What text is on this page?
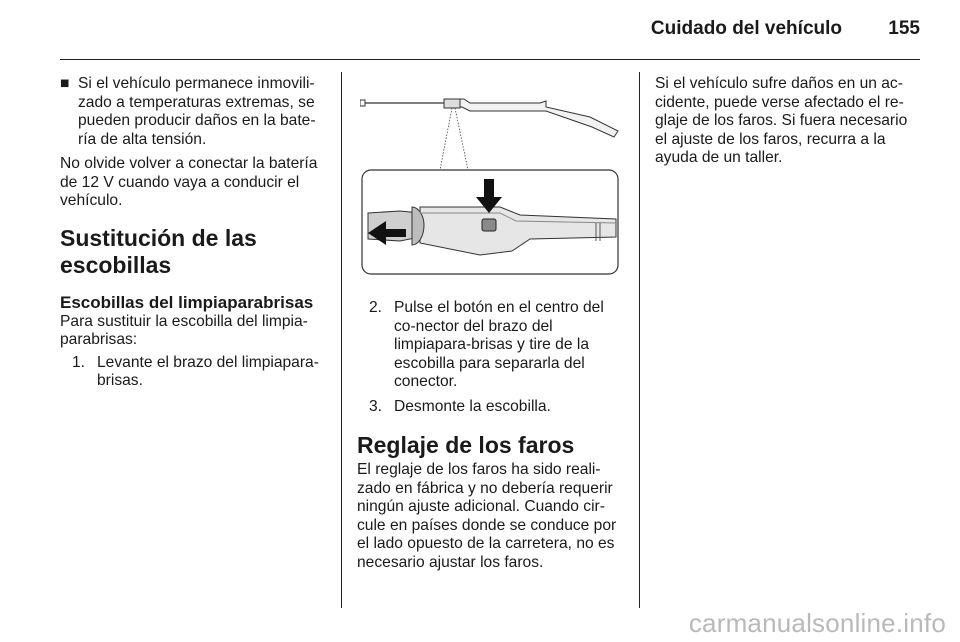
Cuidado del vehículo 155

■ Si el vehículo permanece inmovili-zado a temperaturas extremas, se pueden producir daños en la bate-ría de alta tensión.

No olvide volver a conectar la batería de 12 V cuando vaya a conducir el vehículo.

Sustitución de las escobillas

Escobillas del limpiaparabrisas

Para sustituir la escobilla del limpia-parabrisas:

1. Levante el brazo del limpiapara-brisas.

2. Pulse el botón en el centro del co-nector del brazo del limpiapara-brisas y tire de la escobilla para separarla del conector.

3. Desmonte la escobilla.

Reglaje de los faros

El reglaje de los faros ha sido reali-zado en fábrica y no debería requerir ningún ajuste adicional. Cuando cir-cule en países donde se conduce por el lado opuesto de la carretera, no es necesario ajustar los faros.

Si el vehículo sufre daños en un ac-cidente, puede verse afectado el re-glaje de los faros. Si fuera necesario el ajuste de los faros, recurra a la ayuda de un taller.

carmanualsonline.info
